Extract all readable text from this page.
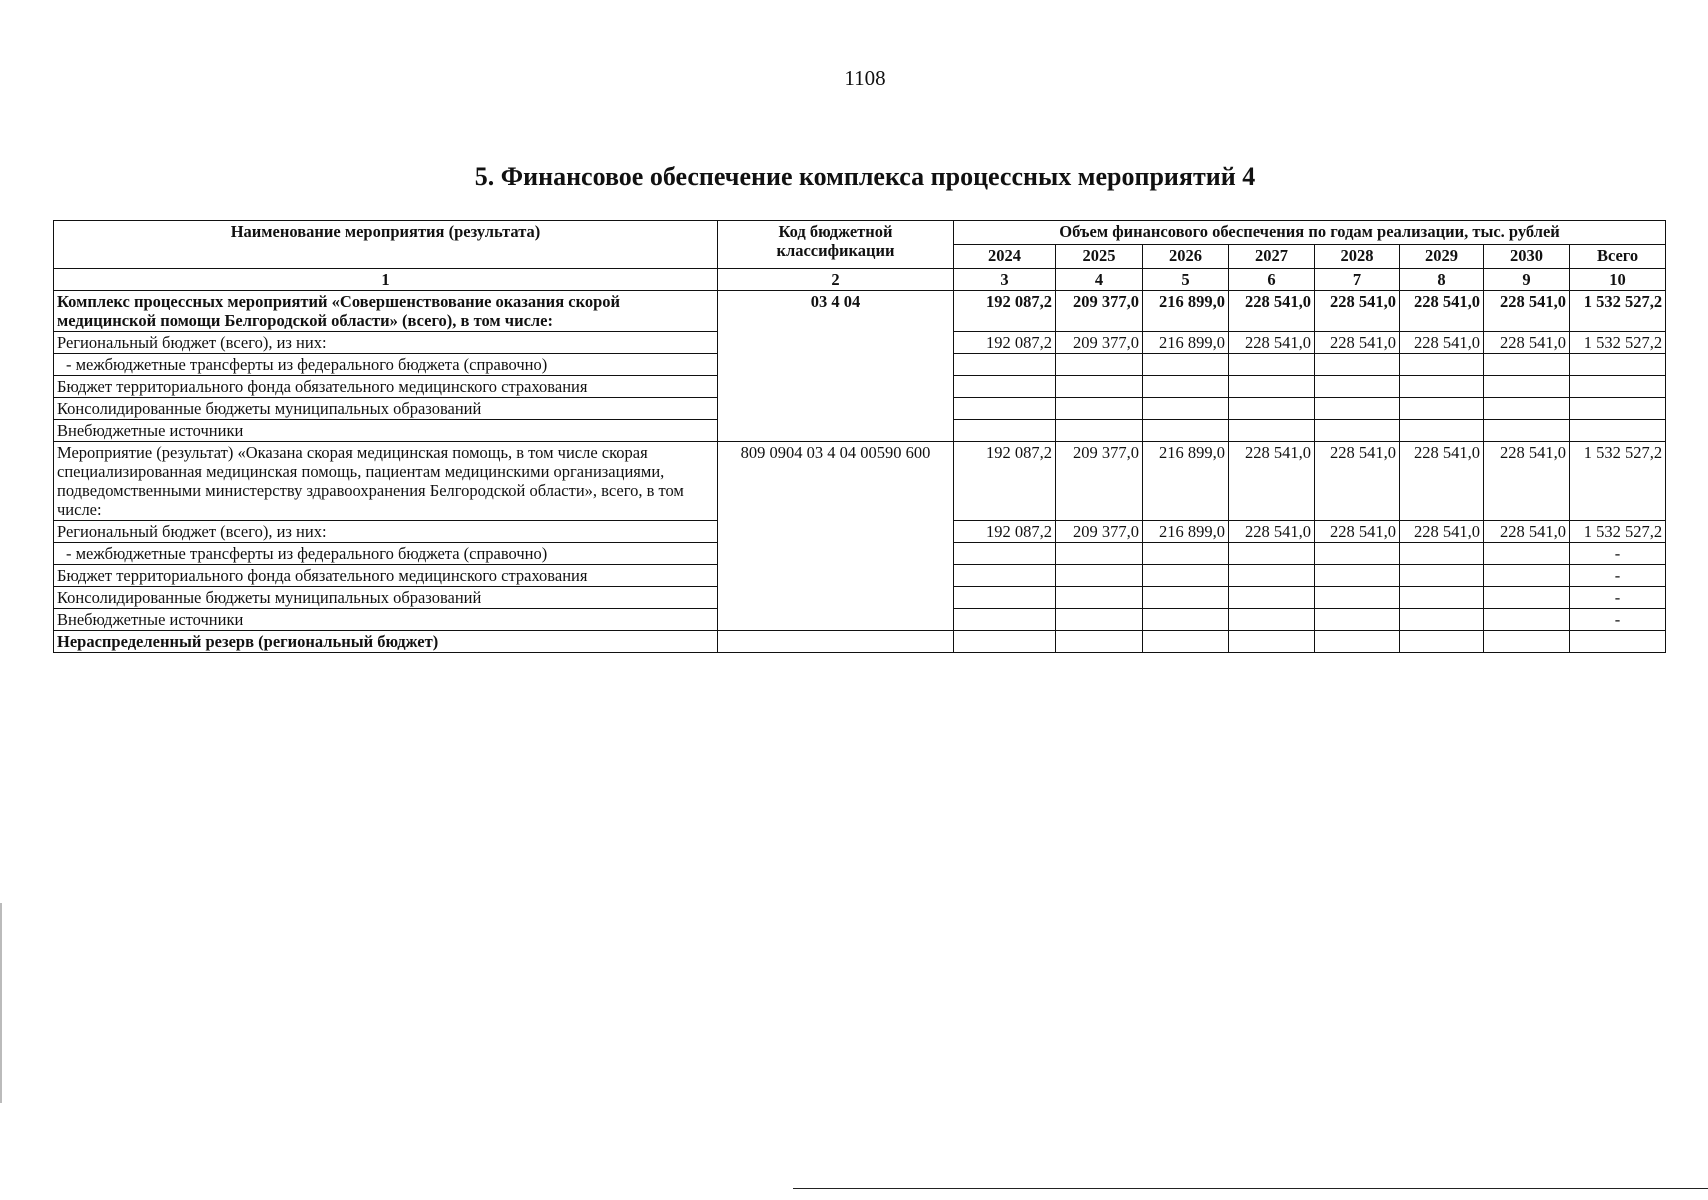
1108
5. Финансовое обеспечение комплекса процессных мероприятий 4
Наименование мероприятия (результата)	Код бюджетной классификации	Объем финансового обеспечения по годам реализации, тыс. рублей							
		2024	2025	2026	2027	2028	2029	2030	Всего
1	2	3	4	5	6	7	8	9	10
Комплекс процессных мероприятий «Совершенствование оказания скорой медицинской помощи Белгородской области» (всего), в том числе:	03 4 04	192 087,2	209 377,0	216 899,0	228 541,0	228 541,0	228 541,0	228 541,0	1 532 527,2
Региональный бюджет (всего), из них:		192 087,2	209 377,0	216 899,0	228 541,0	228 541,0	228 541,0	228 541,0	1 532 527,2
- межбюджетные трансферты из федерального бюджета (справочно)									
Бюджет территориального фонда обязательного медицинского страхования									
Консолидированные бюджеты муниципальных образований									
Внебюджетные источники									
Мероприятие (результат) «Оказана скорая медицинская помощь, в том числе скорая специализированная медицинская помощь, пациентам медицинскими организациями, подведомственными министерству здравоохранения Белгородской области», всего, в том числе:	809 0904 03 4 04 00590 600	192 087,2	209 377,0	216 899,0	228 541,0	228 541,0	228 541,0	228 541,0	1 532 527,2
Региональный бюджет (всего), из них:		192 087,2	209 377,0	216 899,0	228 541,0	228 541,0	228 541,0	228 541,0	1 532 527,2
- межбюджетные трансферты из федерального бюджета (справочно)									-
Бюджет территориального фонда обязательного медицинского страхования									-
Консолидированные бюджеты муниципальных образований									-
Внебюджетные источники									-
Нераспределенный резерв (региональный бюджет)									
